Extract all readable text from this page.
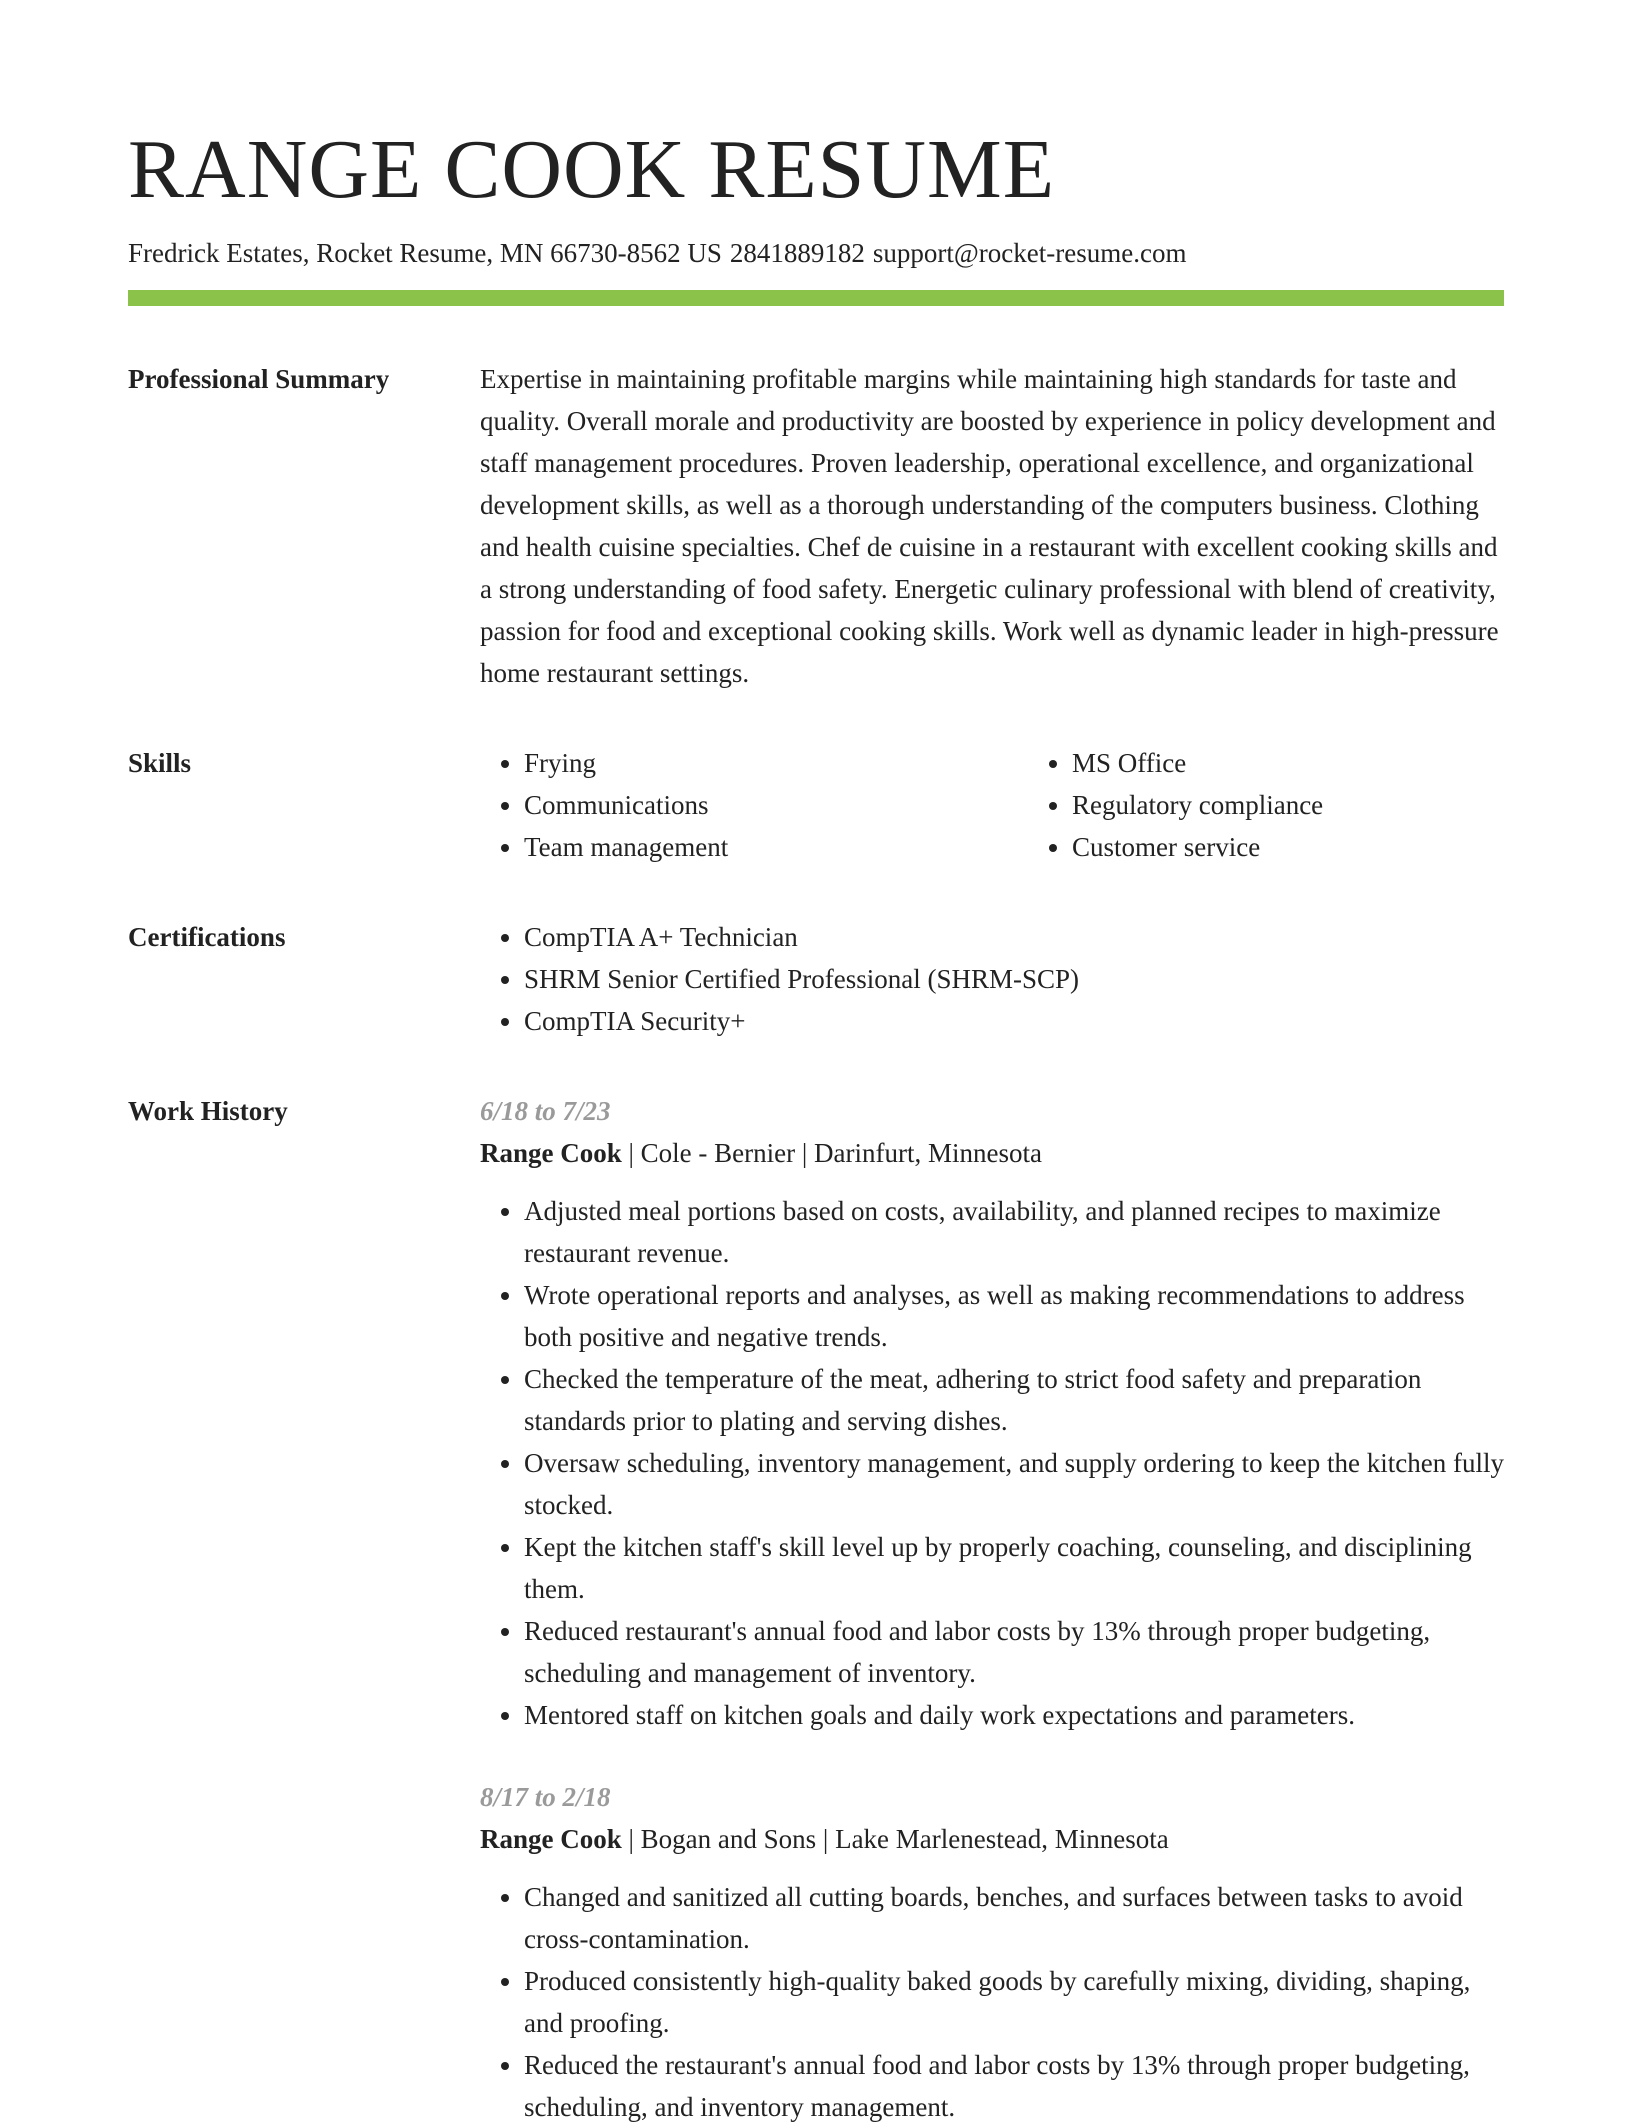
RANGE COOK RESUME
Fredrick Estates, Rocket Resume, MN 66730-8562 US 2841889182 support@rocket-resume.com
Professional Summary	Expertise in maintaining profitable margins while maintaining high standards for taste and quality. Overall morale and productivity are boosted by experience in policy development and staff management procedures. Proven leadership, operational excellence, and organizational development skills, as well as a thorough understanding of the computers business. Clothing and health cuisine specialties. Chef de cuisine in a restaurant with excellent cooking skills and a strong understanding of food safety. Energetic culinary professional with blend of creativity, passion for food and exceptional cooking skills. Work well as dynamic leader in high-pressure home restaurant settings.

Skills	• Frying
• Communications
• Team management
• MS Office
• Regulatory compliance
• Customer service
Certifications	• CompTIA A+ Technician
• SHRM Senior Certified Professional (SHRM-SCP)
• CompTIA Security+
Work History	6/18 to 7/23
Range Cook | Cole - Bernier | Darinfurt, Minnesota
• Adjusted meal portions based on costs, availability, and planned recipes to maximize restaurant revenue.
• Wrote operational reports and analyses, as well as making recommendations to address both positive and negative trends.
• Checked the temperature of the meat, adhering to strict food safety and preparation standards prior to plating and serving dishes.
• Oversaw scheduling, inventory management, and supply ordering to keep the kitchen fully stocked.
• Kept the kitchen staff's skill level up by properly coaching, counseling, and disciplining them.
• Reduced restaurant's annual food and labor costs by 13% through proper budgeting, scheduling and management of inventory.
• Mentored staff on kitchen goals and daily work expectations and parameters.
8/17 to 2/18
Range Cook | Bogan and Sons | Lake Marlenestead, Minnesota
• Changed and sanitized all cutting boards, benches, and surfaces between tasks to avoid cross-contamination.
• Produced consistently high-quality baked goods by carefully mixing, dividing, shaping, and proofing.
• Reduced the restaurant's annual food and labor costs by 13% through proper budgeting, scheduling, and inventory management.
